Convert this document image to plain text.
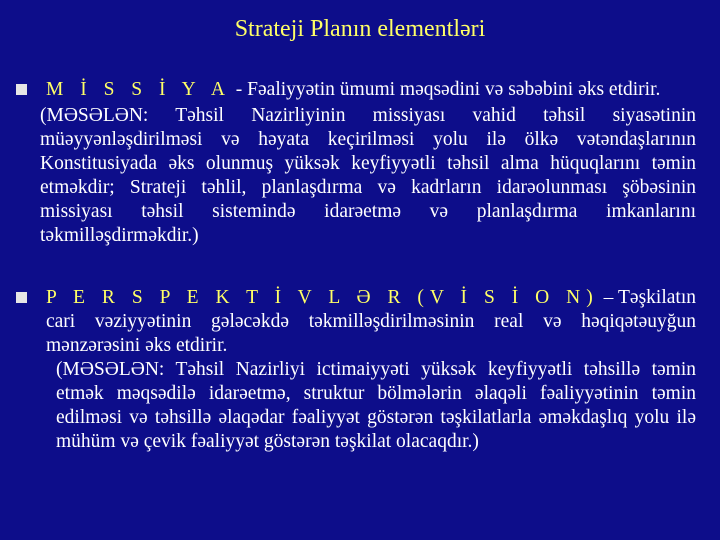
Strateji Planın elementləri
M İ S S İ Y A - Fəaliyyətin ümumi məqsədini və səbəbini əks etdirir.
(MƏSƏLƏN: Təhsil Nazirliyinin missiyası vahid təhsil siyasətinin müəyyənləşdirilməsi və həyata keçirilməsi yolu ilə ölkə vətəndaşlarının Konstitusiyada əks olunmuş yüksək keyfiyyətli təhsil alma hüquqlarını təmin etməkdir; Strateji təhlil, planlaşdırma və kadrların idarəolunması şöbəsinin missiyası təhsil sistemində idarəetmə və planlaşdırma imkanlarını təkmilləşdirməkdir.)
P E R S P E K T İ V L Ə R (V İ S İ O N) – Təşkilatın cari vəziyyətinin gələcəkdə təkmilləşdirilməsinin real və həqiqətəuyğun mənzərəsini əks etdirir.
(MƏSƏLƏN: Təhsil Nazirliyi ictimaiyyəti yüksək keyfiyyətli təhsillə təmin etmək məqsədilə idarəetmə, struktur bölmələrin əlaqəli fəaliyyətinin təmin edilməsi və təhsillə əlaqədar fəaliyyət göstərən təşkilatlarla əməkdaşlıq yolu ilə mühüm və çevik fəaliyyət göstərən təşkilat olacaqdır.)
